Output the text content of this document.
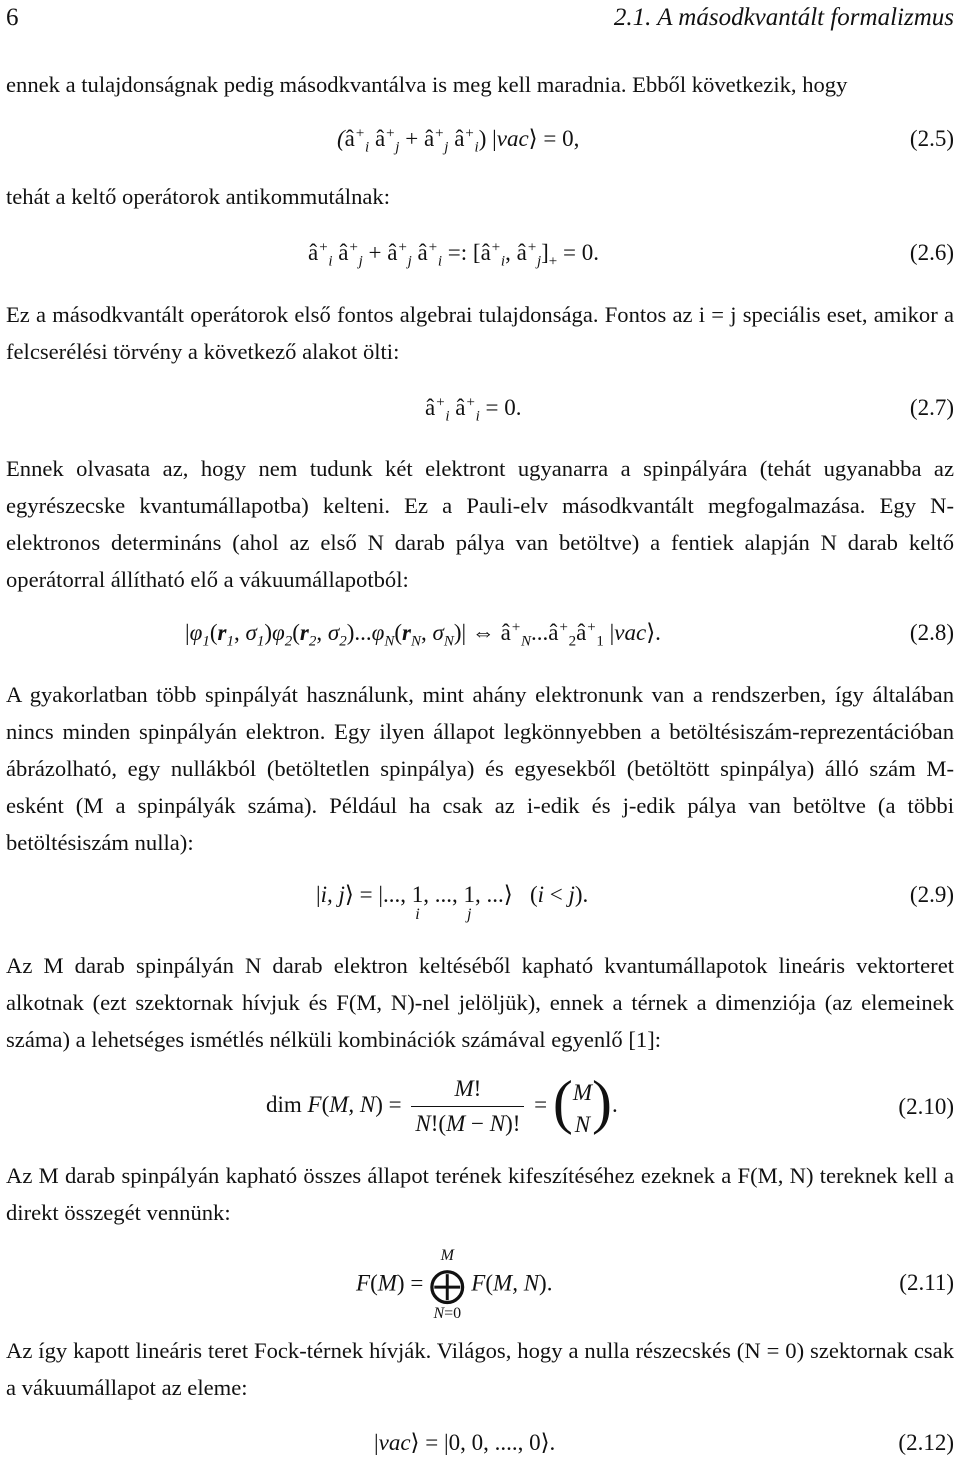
6	2.1. A másodkvantált formalizmus

ennek a tulajdonságnak pedig másodkvantálva is meg kell maradnia. Ebből következik, hogy

($â^+_i$ $â^+_j$ + $â^+_j$ $â^+_i$) |vac⟩ = 0,	(2.5)

tehát a keltő operátorok antikommutálnak:

$â^+_i$ $â^+_j$ + $â^+_j$ $â^+_i$ =: [$â^+_i$, $â^+_j]_+ = 0$.	(2.6)

Ez a másodkvantált operátorok első fontos algebrai tulajdonsága. Fontos az i = j speciális eset, amikor a felcserélési törvény a következő alakot ölti:

$â^+_i$ $â^+_i = 0$.	(2.7)

Ennek olvasata az, hogy nem tudunk két elektront ugyanarra a spinpályára (tehát ugyanabba az egyrészecske kvantumállapotba) kelteni. Ez a Pauli-elv másodkvantált megfogalmazása. Egy N-elektronos determináns (ahol az első N darab pálya van betöltve) a fentiek alapján N darab keltő operátorral állítható elő a vákuumállapotból:

$|\varphi_1(r_1$, $\sigma_1)\varphi_2(r_2$, $\sigma_2)...\varphi_N(r_N$, $\sigma_N)|$ ⇔ $â^+_N...â^+_2â^+_1$ |vac⟩.	(2.8)

A gyakorlatban több spinpályát használunk, mint ahány elektronunk van a rendszerben, így általában nincs minden spinpályán elektron. Egy ilyen állapot legkönnyebben a betöltésiszám-reprezentációban ábrázolható, egy nullákból (betöltetlen spinpálya) és egyesekből (betöltött spinpálya) álló szám M-esként (M a spinpályák száma). Például ha csak az i-edik és j-edik pálya van betöltve (a többi betöltésiszám nulla):

|i, j⟩ = |..., 1
i
, ..., 1
j
, ...⟩ (i < j).	(2.9)

Az M darab spinpályán N darab elektron keltéséből kapható kvantumállapotok lineáris vektorteret alkotnak (ezt szektornak hívjuk és F(M, N)-nel jelöljük), ennek a térnek a dimenziója (az elemeinek száma) a lehetséges ismétlés nélküli kombinációk számával egyenlő [1]:

dim F(M, $N) = \frac{M!}{N!(M - N)!} = (M$
N).	(2.10)

Az M darab spinpályán kapható összes állapot terének kifeszítéséhez ezeknek a F(M, N) tereknek kell a direkt összegét vennünk:

F(M) =
M
⨁
N=0
F(M, N).	(2.11)

Az így kapott lineáris teret Fock-térnek hívják. Világos, hogy a nulla részecskés (N = 0) szektornak csak a vákuumállapot az eleme:

|vac⟩ = |0, 0, ...., 0⟩.	(2.12)
